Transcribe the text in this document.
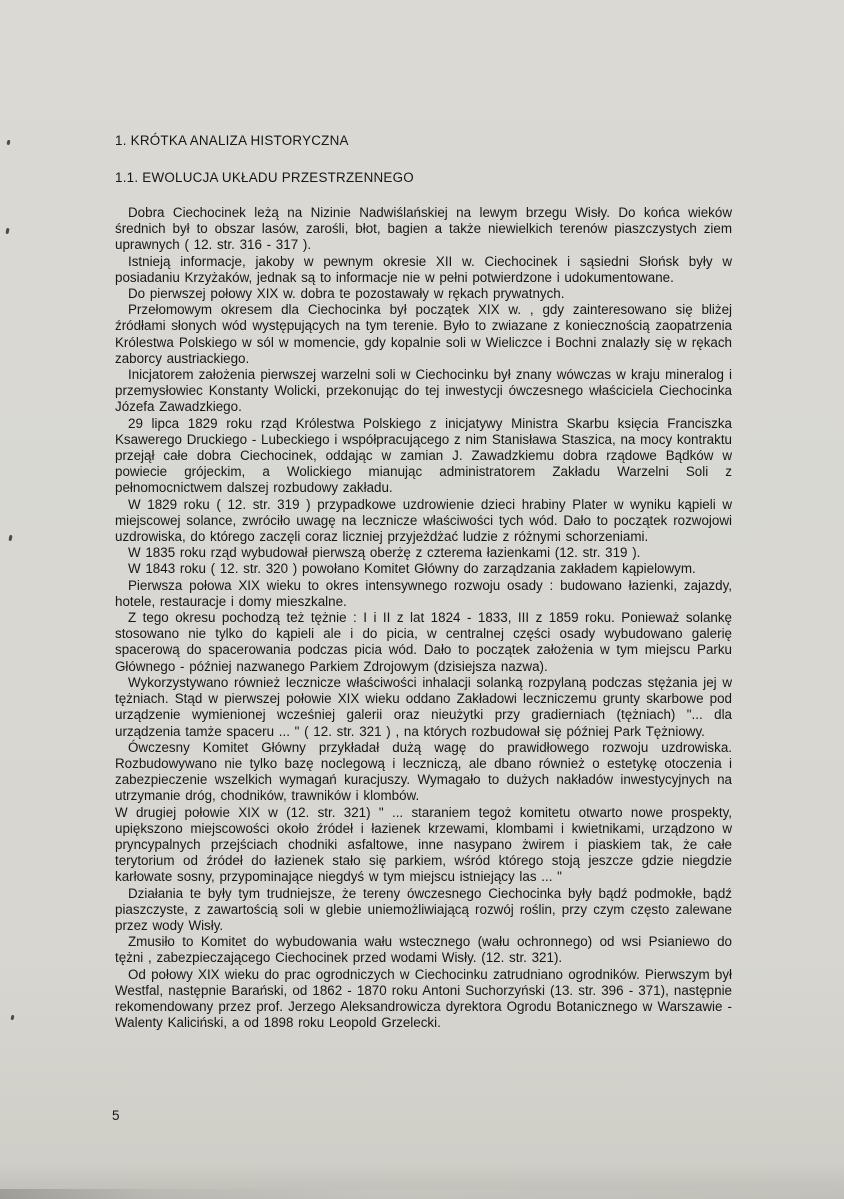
1. KRÓTKA ANALIZA HISTORYCZNA
1.1. EWOLUCJA UKŁADU PRZESTRZENNEGO

Dobra Ciechocinek leżą na Nizinie Nadwiślańskiej na lewym brzegu Wisły. Do końca wieków średnich był to obszar lasów, zarośli, błot, bagien a także niewielkich terenów piaszczystych ziem uprawnych ( 12. str. 316 - 317 ).

Istnieją informacje, jakoby w pewnym okresie XII w. Ciechocinek i sąsiedni Słońsk były w posiadaniu Krzyżaków, jednak są to informacje nie w pełni potwierdzone i udokumentowane.

Do pierwszej połowy XIX w. dobra te pozostawały w rękach prywatnych.

Przełomowym okresem dla Ciechocinka był początek XIX w. , gdy zainteresowano się bliżej źródłami słonych wód występujących na tym terenie. Było to zwiazane z koniecznością zaopatrzenia Królestwa Polskiego w sól w momencie, gdy kopalnie soli w Wieliczce i Bochni znalazły się w rękach zaborcy austriackiego.

Inicjatorem założenia pierwszej warzelni soli w Ciechocinku był znany wówczas w kraju mineralog i przemysłowiec Konstanty Wolicki, przekonując do tej inwestycji ówczesnego właściciela Ciechocinka Józefa Zawadzkiego.

29 lipca 1829 roku rząd Królestwa Polskiego z inicjatywy Ministra Skarbu księcia Franciszka Ksawerego Druckiego - Lubeckiego i współpracującego z nim Stanisława Staszica, na mocy kontraktu przejął całe dobra Ciechocinek, oddając w zamian J. Zawadzkiemu dobra rządowe Bądków w powiecie grójeckim, a Wolickiego mianując administratorem Zakładu Warzelni Soli z pełnomocnictwem dalszej rozbudowy zakładu.

W 1829 roku ( 12. str. 319 ) przypadkowe uzdrowienie dzieci hrabiny Plater w wyniku kąpieli w miejscowej solance, zwróciło uwagę na lecznicze właściwości tych wód. Dało to początek rozwojowi uzdrowiska, do którego zaczęli coraz liczniej przyjeżdżać ludzie z różnymi schorzeniami.

W 1835 roku rząd wybudował pierwszą oberżę z czterema łazienkami (12. str. 319 ).

W 1843 roku ( 12. str. 320 ) powołano Komitet Główny do zarządzania zakładem kąpielowym.

Pierwsza połowa XIX wieku to okres intensywnego rozwoju osady : budowano łazienki, zajazdy, hotele, restauracje i domy mieszkalne.

Z tego okresu pochodzą też tężnie : I i II z lat 1824 - 1833, III z 1859 roku. Ponieważ solankę stosowano nie tylko do kąpieli ale i do picia, w centralnej części osady wybudowano galerię spacerową do spacerowania podczas picia wód. Dało to początek założenia w tym miejscu Parku Głównego - później nazwanego Parkiem Zdrojowym (dzisiejsza nazwa).

Wykorzystywano również lecznicze właściwości inhalacji solanką rozpylaną podczas stężania jej w tężniach. Stąd w pierwszej połowie XIX wieku oddano Zakładowi leczniczemu grunty skarbowe pod urządzenie wymienionej wcześniej galerii oraz nieużytki przy gradierniach (tężniach) "... dla urządzenia tamże spaceru ... " ( 12. str. 321 ) , na których rozbudował się później Park Tężniowy.

Ówczesny Komitet Główny przykładał dużą wagę do prawidłowego rozwoju uzdrowiska. Rozbudowywano nie tylko bazę noclegową i leczniczą, ale dbano również o estetykę otoczenia i zabezpieczenie wszelkich wymagań kuracjuszy. Wymagało to dużych nakładów inwestycyjnych na utrzymanie dróg, chodników, trawników i klombów.

W drugiej połowie XIX w (12. str. 321) " ... staraniem tegoż komitetu otwarto nowe prospekty, upiększono miejscowości około źródeł i łazienek krzewami, klombami i kwietnikami, urządzono w pryncypalnych przejściach chodniki asfaltowe, inne nasypano żwirem i piaskiem tak, że całe terytorium od źródeł do łazienek stało się parkiem, wśród którego stoją jeszcze gdzie niegdzie karłowate sosny, przypominające niegdyś w tym miejscu istniejący las ... "

Działania te były tym trudniejsze, że tereny ówczesnego Ciechocinka były bądź podmokłe, bądź piaszczyste, z zawartością soli w glebie uniemożliwiającą rozwój roślin, przy czym często zalewane przez wody Wisły.

Zmusiło to Komitet do wybudowania wału wstecznego (wału ochronnego) od wsi Psianiewo do tężni , zabezpieczającego Ciechocinek przed wodami Wisły. (12. str. 321).

Od połowy XIX wieku do prac ogrodniczych w Ciechocinku zatrudniano ogrodników. Pierwszym był Westfal, następnie Barański, od 1862 - 1870 roku Antoni Suchorzyński (13. str. 396 - 371), następnie rekomendowany przez prof. Jerzego Aleksandrowicza dyrektora Ogrodu Botanicznego w Warszawie - Walenty Kaliciński, a od 1898 roku Leopold Grzelecki.

5
